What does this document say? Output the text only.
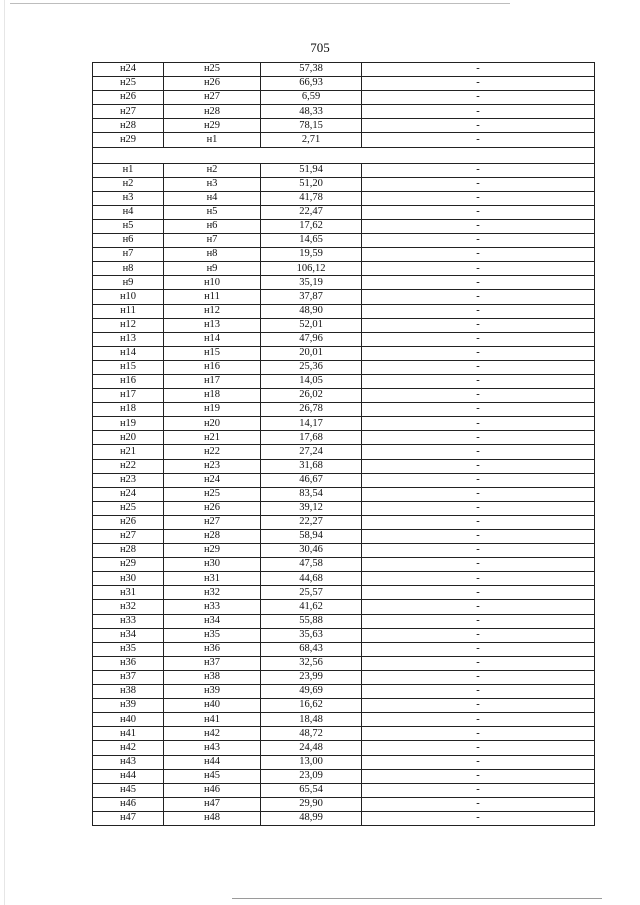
705
н24	н25	57,38	-
н25	н26	66,93	-
н26	н27	6,59	-
н27	н28	48,33	-
н28	н29	78,15	-
н29	н1	2,71	-

н1	н2	51,94	-
н2	н3	51,20	-
н3	н4	41,78	-
н4	н5	22,47	-
н5	н6	17,62	-
н6	н7	14,65	-
н7	н8	19,59	-
н8	н9	106,12	-
н9	н10	35,19	-
н10	н11	37,87	-
н11	н12	48,90	-
н12	н13	52,01	-
н13	н14	47,96	-
н14	н15	20,01	-
н15	н16	25,36	-
н16	н17	14,05	-
н17	н18	26,02	-
н18	н19	26,78	-
н19	н20	14,17	-
н20	н21	17,68	-
н21	н22	27,24	-
н22	н23	31,68	-
н23	н24	46,67	-
н24	н25	83,54	-
н25	н26	39,12	-
н26	н27	22,27	-
н27	н28	58,94	-
н28	н29	30,46	-
н29	н30	47,58	-
н30	н31	44,68	-
н31	н32	25,57	-
н32	н33	41,62	-
н33	н34	55,88	-
н34	н35	35,63	-
н35	н36	68,43	-
н36	н37	32,56	-
н37	н38	23,99	-
н38	н39	49,69	-
н39	н40	16,62	-
н40	н41	18,48	-
н41	н42	48,72	-
н42	н43	24,48	-
н43	н44	13,00	-
н44	н45	23,09	-
н45	н46	65,54	-
н46	н47	29,90	-
н47	н48	48,99	-
